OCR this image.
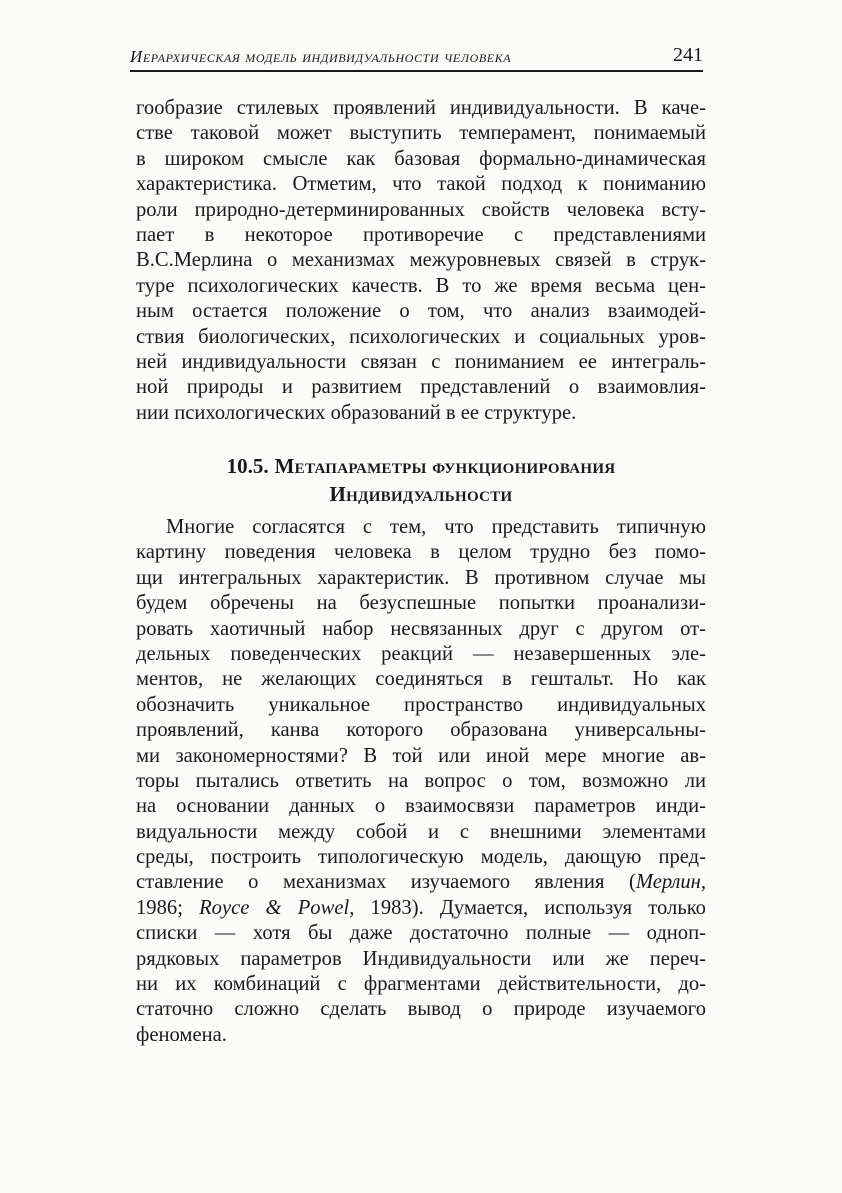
Иерархическая модель индивидуальности человека	241
гообразие стилевых проявлений индивидуальности. В каче-
стве таковой может выступить темперамент, понимаемый
в широком смысле как базовая формально-динамическая
характеристика. Отметим, что такой подход к пониманию
роли природно-детерминированных свойств человека всту-
пает в некоторое противоречие с представлениями
В.С.Мерлина о механизмах межуровневых связей в струк-
туре психологических качеств. В то же время весьма цен-
ным остается положение о том, что анализ взаимодей-
ствия биологических, психологических и социальных уров-
ней индивидуальности связан с пониманием ее интеграль-
ной природы и развитием представлений о взаимовлия-
нии психологических образований в ее структуре.
10.5. Метапараметры функционирования
Индивидуальности
Многие согласятся с тем, что представить типичную
картину поведения человека в целом трудно без помо-
щи интегральных характеристик. В противном случае мы
будем обречены на безуспешные попытки проанализи-
ровать хаотичный набор несвязанных друг с другом от-
дельных поведенческих реакций — незавершенных эле-
ментов, не желающих соединяться в гештальт. Но как
обозначить уникальное пространство индивидуальных
проявлений, канва которого образована универсальны-
ми закономерностями? В той или иной мере многие ав-
торы пытались ответить на вопрос о том, возможно ли
на основании данных о взаимосвязи параметров инди-
видуальности между собой и с внешними элементами
среды, построить типологическую модель, дающую пред-
ставление о механизмах изучаемого явления (Мерлин,
1986; Royce & Powel, 1983). Думается, используя только
списки — хотя бы даже достаточно полные — одноп-
рядковых параметров Индивидуальности или же переч-
ни их комбинаций с фрагментами действительности, до-
статочно сложно сделать вывод о природе изучаемого
феномена.
